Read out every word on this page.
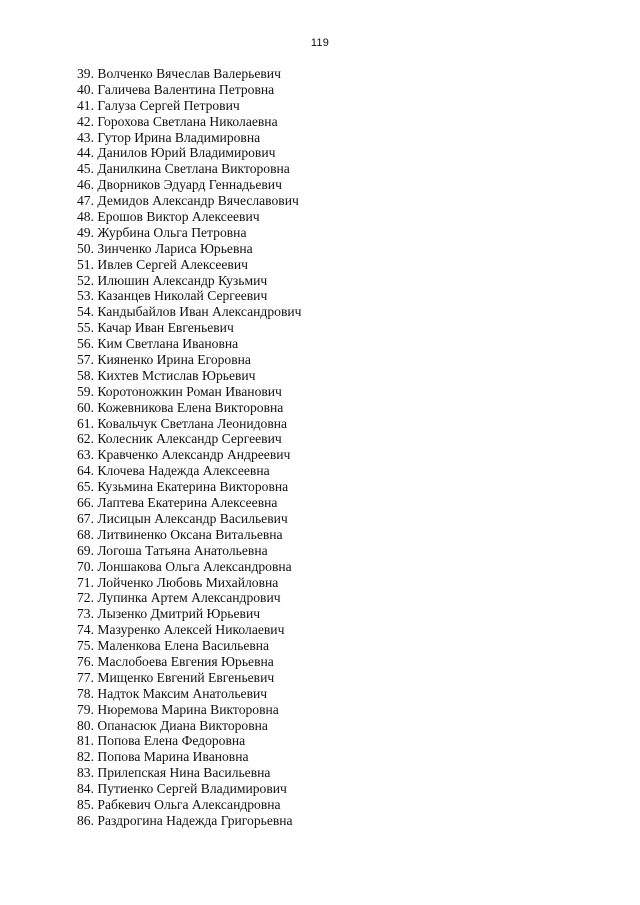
119
39. Волченко Вячеслав Валерьевич
40. Галичева Валентина Петровна
41. Галуза Сергей Петрович
42. Горохова Светлана Николаевна
43. Гутор Ирина Владимировна
44. Данилов Юрий Владимирович
45. Данилкина Светлана Викторовна
46. Дворников Эдуард Геннадьевич
47. Демидов Александр Вячеславович
48. Ерошов Виктор Алексеевич
49. Журбина Ольга Петровна
50. Зинченко Лариса Юрьевна
51. Ивлев Сергей Алексеевич
52. Илюшин Александр Кузьмич
53. Казанцев Николай Сергеевич
54. Кандыбайлов Иван Александрович
55. Качар Иван Евгеньевич
56. Ким Светлана Ивановна
57. Кияненко Ирина Егоровна
58. Кихтев Мстислав Юрьевич
59. Коротоножкин Роман Иванович
60. Кожевникова Елена Викторовна
61. Ковальчук Светлана Леонидовна
62. Колесник Александр Сергеевич
63. Кравченко Александр Андреевич
64. Клочева Надежда Алексеевна
65. Кузьмина Екатерина Викторовна
66. Лаптева Екатерина Алексеевна
67. Лисицын Александр Васильевич
68. Литвиненко Оксана Витальевна
69. Логоша Татьяна Анатольевна
70. Лоншакова Ольга Александровна
71. Лойченко Любовь Михайловна
72. Лупинка Артем Александрович
73. Лызенко Дмитрий Юрьевич
74. Мазуренко Алексей Николаевич
75. Маленкова Елена Васильевна
76. Маслобоева Евгения Юрьевна
77. Мищенко Евгений Евгеньевич
78. Надток Максим Анатольевич
79. Нюремова Марина Викторовна
80. Опанасюк Диана Викторовна
81. Попова Елена Федоровна
82. Попова Марина Ивановна
83. Прилепская Нина Васильевна
84. Путиенко Сергей Владимирович
85. Рабкевич Ольга Александровна
86. Раздрогина Надежда Григорьевна
